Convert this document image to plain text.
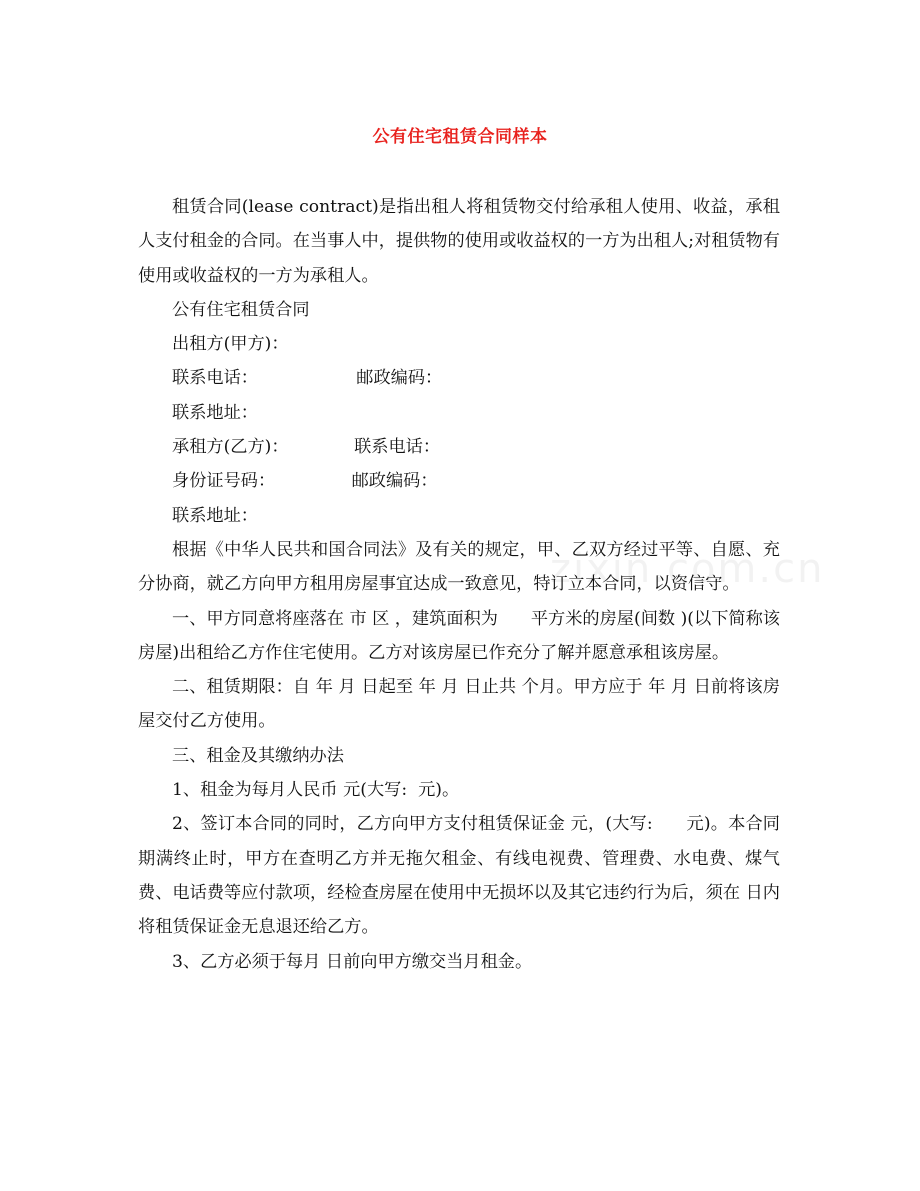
公有住宅租赁合同样本

租赁合同(lease contract)是指出租人将租赁物交付给承租人使用、收益，承租人支付租金的合同。在当事人中，提供物的使用或收益权的一方为出租人;对租赁物有使用或收益权的一方为承租人。

公有住宅租赁合同

出租方(甲方)：

联系电话：                  邮政编码：

联系地址：

承租方(乙方)：            联系电话：

身份证号码：              邮政编码：

联系地址：

根据《中华人民共和国合同法》及有关的规定，甲、乙双方经过平等、自愿、充分协商，就乙方向甲方租用房屋事宜达成一致意见，特订立本合同，以资信守。

一、甲方同意将座落在 市 区 ，建筑面积为      平方米的房屋(间数 )(以下简称该房屋)出租给乙方作住宅使用。乙方对该房屋已作充分了解并愿意承租该房屋。

二、租赁期限：自 年 月 日起至 年 月 日止共 个月。甲方应于 年 月 日前将该房屋交付乙方使用。

三、租金及其缴纳办法

1、租金为每月人民币 元(大写:  元)。

2、签订本合同的同时，乙方向甲方支付租赁保证金 元，(大写:      元)。本合同期满终止时，甲方在查明乙方并无拖欠租金、有线电视费、管理费、水电费、煤气费、电话费等应付款项，经检查房屋在使用中无损坏以及其它违约行为后，须在 日内将租赁保证金无息退还给乙方。

3、乙方必须于每月 日前向甲方缴交当月租金。

zixin.com.cn
